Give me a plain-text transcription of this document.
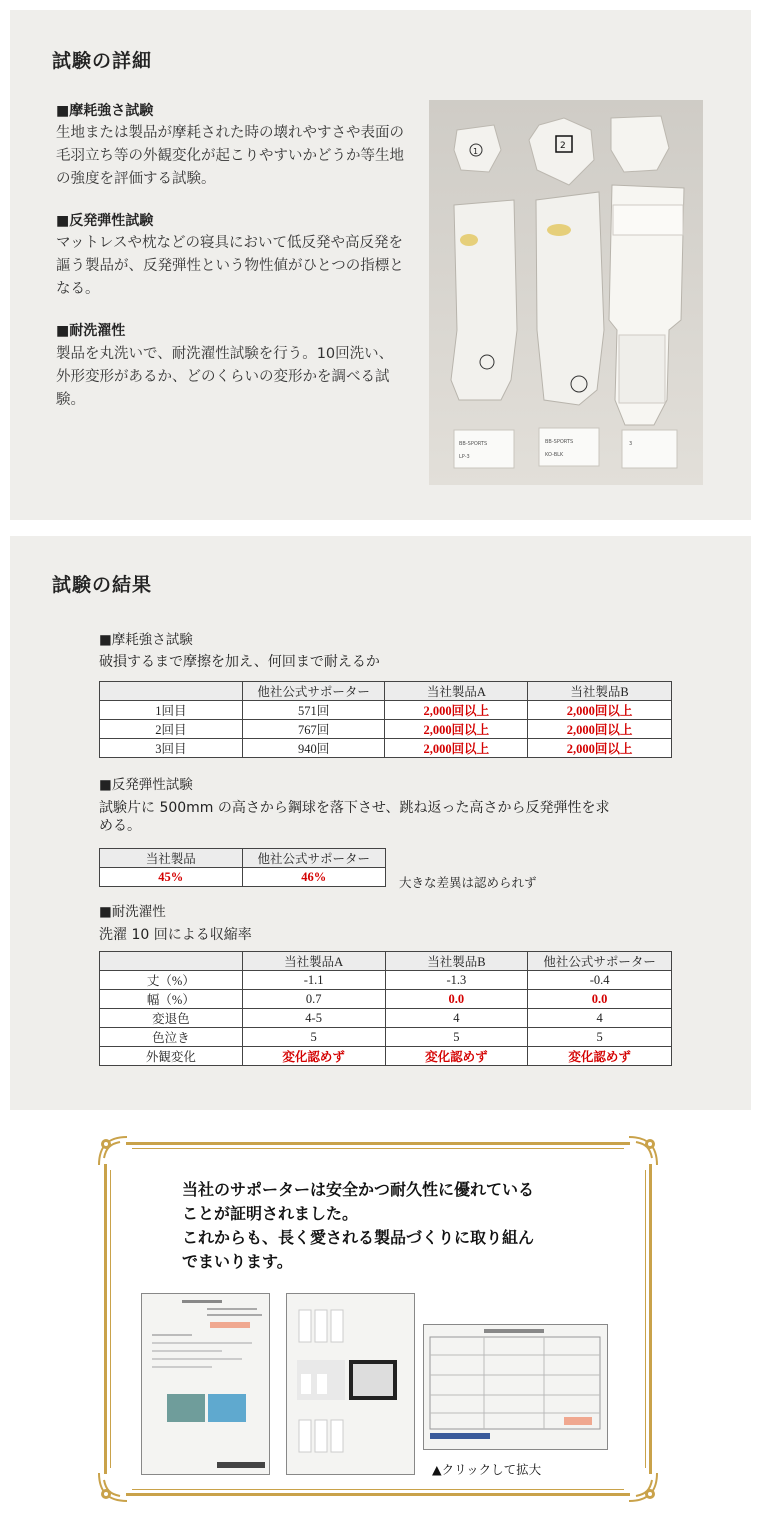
試験の詳細
■摩耗強さ試験
生地または製品が摩耗された時の壊れやすさや表面の毛羽立ち等の外観変化が起こりやすいかどうか等生地の強度を評価する試験。
■反発弾性試験
マットレスや枕などの寝具において低反発や高反発を謳う製品が、反発弾性という物性値がひとつの指標となる。
■耐洗濯性
製品を丸洗いで、耐洗濯性試験を行う。10回洗い、外形変形があるか、どのくらいの変形かを調べる試験。
1
2
BB-SPORTS
LP-3
BB-SPORTS
KO-BLK
3
試験の結果
■摩耗強さ試験
破損するまで摩擦を加え、何回まで耐えるか
	他社公式サポーター	当社製品A	当社製品B
1回目	571回	2,000回以上	2,000回以上
2回目	767回	2,000回以上	2,000回以上
3回目	940回	2,000回以上	2,000回以上
■反発弾性試験
試験片に 500mm の高さから鋼球を落下させ、跳ね返った高さから反発弾性を求
める。
当社製品	他社公式サポーター
45%	46%	大きな差異は認められず
■耐洗濯性
洗濯 10 回による収縮率
	当社製品A	当社製品B	他社公式サポーター
丈（%）	-1.1	-1.3	-0.4
幅（%）	0.7	0.0	0.0
変退色	4-5	4	4
色泣き	5	5	5
外観変化	変化認めず	変化認めず	変化認めず
当社のサポーターは安全かつ耐久性に優れている
ことが証明されました。
これからも、長く愛される製品づくりに取り組ん
でまいります。
▲クリックして拡大
